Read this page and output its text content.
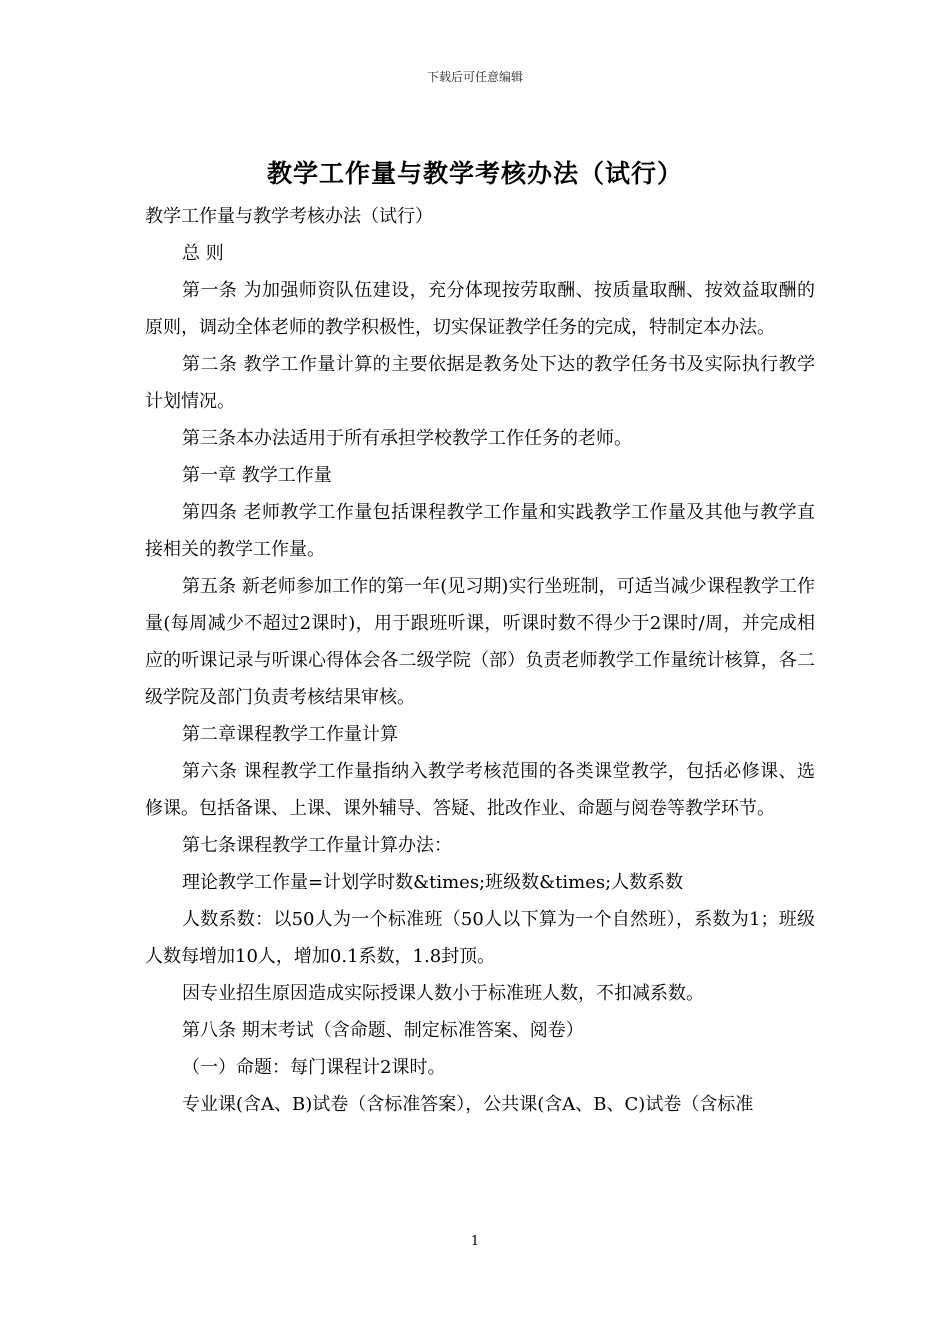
下载后可任意编辑
教学工作量与教学考核办法（试行）

教学工作量与教学考核办法（试行）

总 则

第一条 为加强师资队伍建设，充分体现按劳取酬、按质量取酬、按效益取酬的原则，调动全体老师的教学积极性，切实保证教学任务的完成，特制定本办法。

第二条 教学工作量计算的主要依据是教务处下达的教学任务书及实际执行教学计划情况。

第三条本办法适用于所有承担学校教学工作任务的老师。

第一章 教学工作量

第四条 老师教学工作量包括课程教学工作量和实践教学工作量及其他与教学直接相关的教学工作量。

第五条 新老师参加工作的第一年(见习期)实行坐班制，可适当减少课程教学工作量(每周减少不超过2课时)，用于跟班听课，听课时数不得少于2课时/周，并完成相应的听课记录与听课心得体会各二级学院（部）负责老师教学工作量统计核算，各二级学院及部门负责考核结果审核。

第二章课程教学工作量计算

第六条 课程教学工作量指纳入教学考核范围的各类课堂教学，包括必修课、选修课。包括备课、上课、课外辅导、答疑、批改作业、命题与阅卷等教学环节。

第七条课程教学工作量计算办法：

理论教学工作量=计划学时数&times;班级数&times;人数系数

人数系数：以50人为一个标准班（50人以下算为一个自然班），系数为1；班级人数每增加10人，增加0.1系数，1.8封顶。

因专业招生原因造成实际授课人数小于标准班人数，不扣减系数。

第八条 期末考试（含命题、制定标准答案、阅卷）

（一）命题：每门课程计2课时。

专业课(含A、B)试卷（含标准答案），公共课(含A、B、C)试卷（含标准

1
